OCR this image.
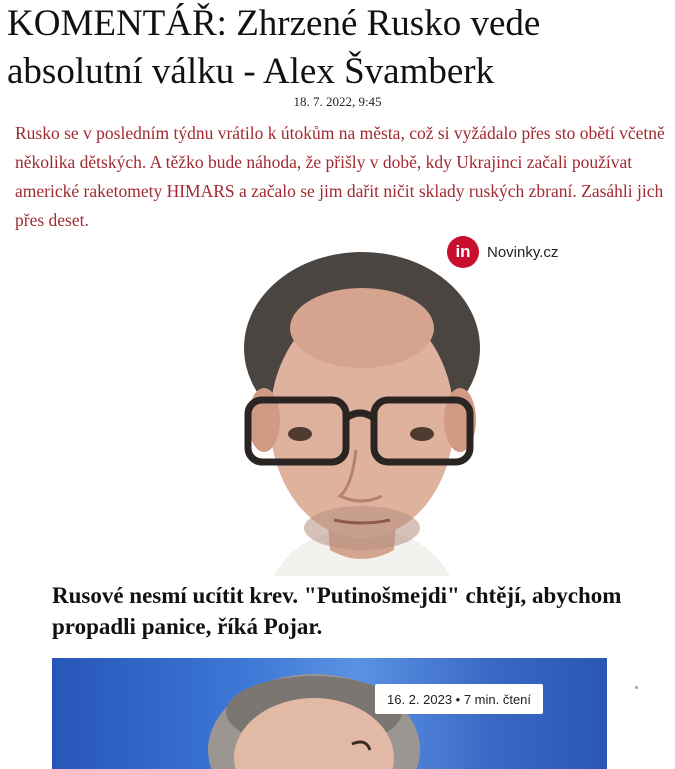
KOMENTÁŘ: Zhrzené Rusko vede absolutní válku - Alex Švamberk
18. 7. 2022, 9:45

Rusko se v posledním týdnu vrátilo k útokům na města, což si vyžádalo přes sto obětí včetně několika dětských. A těžko bude náhoda, že přišly v době, kdy Ukrajinci začali používat americké raketomety HIMARS a začalo se jim dařit ničit sklady ruských zbraní. Zasáhli jich přes deset.

in	Novinky.cz
Rusové nesmí ucítit krev. "Putinošmejdi" chtějí, abychom propadli panice, říká Pojar.
16. 2. 2023 • 7 min. čtení
